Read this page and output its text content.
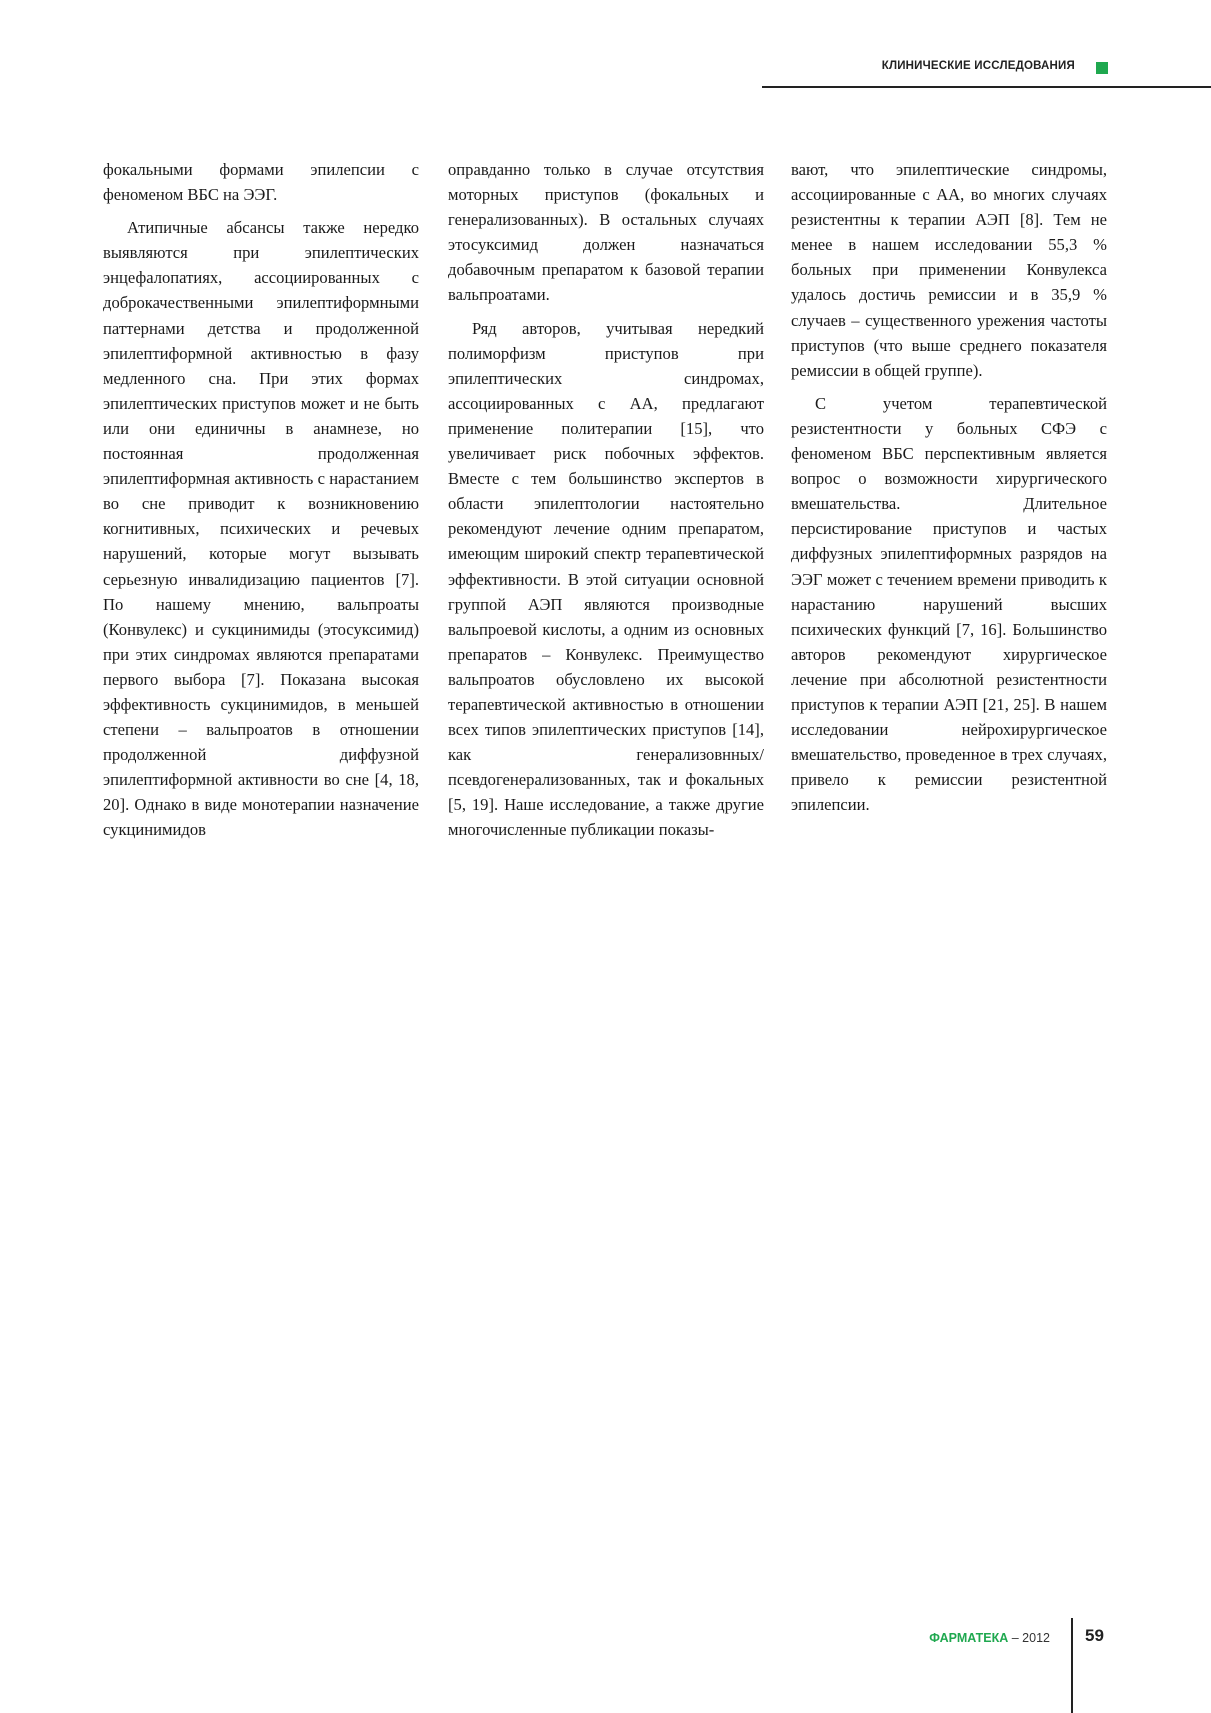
КЛИНИЧЕСКИЕ ИССЛЕДОВАНИЯ

фокальными формами эпилепсии с феноменом ВБС на ЭЭГ.

Атипичные абсансы также нередко выявляются при эпилептических энцефалопатиях, ассоциированных с доброкачественными эпилептиформными паттернами детства и продолженной эпилептиформной активностью в фазу медленного сна. При этих формах эпилептических приступов может и не быть или они единичны в анамнезе, но постоянная продолженная эпилептиформная активность с нарастанием во сне приводит к возникновению когнитивных, психических и речевых нарушений, которые могут вызывать серьезную инвалидизацию пациентов [7]. По нашему мнению, вальпроаты (Конвулекс) и сукцинимиды (этосуксимид) при этих синдромах являются препаратами первого выбора [7]. Показана высокая эффективность сукцинимидов, в меньшей степени – вальпроатов в отношении продолженной диффузной эпилептиформной активности во сне [4, 18, 20]. Однако в виде монотерапии назначение сукцинимидов

оправданно только в случае отсутствия моторных приступов (фокальных и генерализованных). В остальных случаях этосуксимид должен назначаться добавочным препаратом к базовой терапии вальпроатами.

Ряд авторов, учитывая нередкий полиморфизм приступов при эпилептических синдромах, ассоциированных с АА, предлагают применение политерапии [15], что увеличивает риск побочных эффектов. Вместе с тем большинство экспертов в области эпилептологии настоятельно рекомендуют лечение одним препаратом, имеющим широкий спектр терапевтической эффективности. В этой ситуации основной группой АЭП являются производные вальпроевой кислоты, а одним из основных препаратов – Конвулекс. Преимущество вальпроатов обусловлено их высокой терапевтической активностью в отношении всех типов эпилептических приступов [14], как генерализовнных/псевдогенерализованных, так и фокальных [5, 19]. Наше исследование, а также другие многочисленные публикации показы-

вают, что эпилептические синдромы, ассоциированные с АА, во многих случаях резистентны к терапии АЭП [8]. Тем не менее в нашем исследовании 55,3 % больных при применении Конвулекса удалось достичь ремиссии и в 35,9 % случаев – существенного урежения частоты приступов (что выше среднего показателя ремиссии в общей группе).

С учетом терапевтической резистентности у больных СФЭ с феноменом ВБС перспективным является вопрос о возможности хирургического вмешательства. Длительное персистирование приступов и частых диффузных эпилептиформных разрядов на ЭЭГ может с течением времени приводить к нарастанию нарушений высших психических функций [7, 16]. Большинство авторов рекомендуют хирургическое лечение при абсолютной резистентности приступов к терапии АЭП [21, 25]. В нашем исследовании нейрохирургическое вмешательство, проведенное в трех случаях, привело к ремиссии резистентной эпилепсии.

ФАРМАТЕКА – 2012 59
